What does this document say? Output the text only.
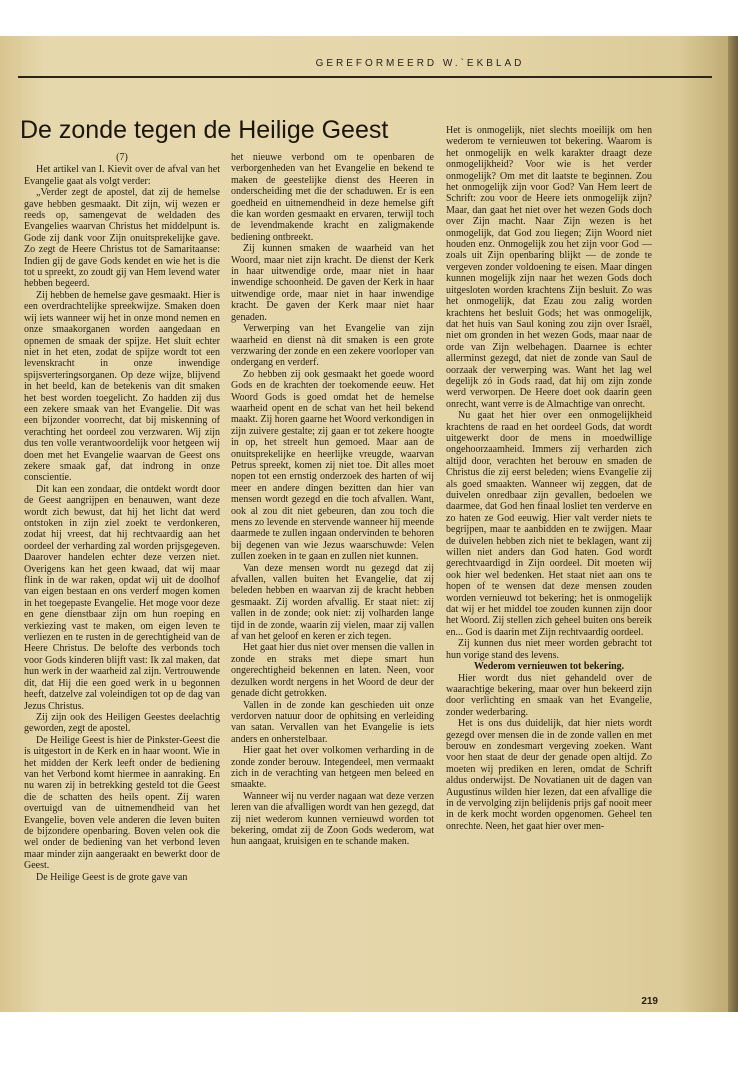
GEREFORMEERD W.`EKBLAD
De zonde tegen de Heilige Geest

(7)

Het artikel van I. Kievit over de afval van het Evangelie gaat als volgt verder:

„Verder zegt de apostel, dat zij de hemelse gave hebben gesmaakt. Dit zijn, wij wezen er reeds op, samengevat de weldaden des Evangelies waarvan Christus het middelpunt is. Gode zij dank voor Zijn onuitsprekelijke gave. Zo zegt de Heere Christus tot de Samaritaanse: Indien gij de gave Gods kendet en wie het is die tot u spreekt, zo zoudt gij van Hem levend water hebben begeerd.

Zij hebben de hemelse gave gesmaakt. Hier is een overdrachtelijke spreekwijze. Smaken doen wij iets wanneer wij het in onze mond nemen en onze smaakorganen worden aangedaan en opnemen de smaak der spijze. Het sluit echter niet in het eten, zodat de spijze wordt tot een levenskracht in onze inwendige spijsverteringsorganen. Op deze wijze, blijvend in het beeld, kan de betekenis van dit smaken het best worden toegelicht. Zo hadden zij dus een zekere smaak van het Evangelie. Dit was een bijzonder voorrecht, dat bij miskenning of verachting het oordeel zou verzwaren. Wij zijn dus ten volle verantwoordelijk voor hetgeen wij doen met het Evangelie waarvan de Geest ons zekere smaak gaf, dat indrong in onze conscientie.

Dit kan een zondaar, die ontdekt wordt door de Geest aangrijpen en benauwen, want deze wordt zich bewust, dat hij het licht dat werd ontstoken in zijn ziel zoekt te verdonkeren, zodat hij vreest, dat hij rechtvaardig aan het oordeel der verharding zal worden prijsgegeven. Daarover handelen echter deze verzen niet. Overigens kan het geen kwaad, dat wij maar flink in de war raken, opdat wij uit de doolhof van eigen bestaan en ons verderf mogen komen in het toegepaste Evangelie. Het moge voor deze en gene dienstbaar zijn om hun roeping en verkiezing vast te maken, om eigen leven te verliezen en te rusten in de gerechtigheid van de Heere Christus. De belofte des verbonds toch voor Gods kinderen blijft vast: Ik zal maken, dat hun werk in der waarheid zal zijn. Vertrouwende dit, dat Hij die een goed werk in u begonnen heeft, datzelve zal voleindigen tot op de dag van Jezus Christus.

Zij zijn ook des Heiligen Geestes deelachtig geworden, zegt de apostel.

De Heilige Geest is hier de Pinkster-Geest die is uitgestort in de Kerk en in haar woont. Wie in het midden der Kerk leeft onder de bediening van het Verbond komt hiermee in aanraking. En nu waren zij in betrekking gesteld tot die Geest die de schatten des heils opent. Zij waren overtuigd van de uitnemendheid van het Evangelie, boven vele anderen die leven buiten de bijzondere openbaring. Boven velen ook die wel onder de bediening van het verbond leven maar minder zijn aangeraakt en bewerkt door de Geest.

De Heilige Geest is de grote gave van

het nieuwe verbond om te openbaren de verborgenheden van het Evangelie en bekend te maken de geestelijke dienst des Heeren in onderscheiding met die der schaduwen. Er is een goedheid en uitnemendheid in deze hemelse gift die kan worden gesmaakt en ervaren, terwijl toch de levendmakende kracht en zaligmakende bediening ontbreekt.

Zij kunnen smaken de waarheid van het Woord, maar niet zijn kracht. De dienst der Kerk in haar uitwendige orde, maar niet in haar inwendige schoonheid. De gaven der Kerk in haar uitwendige orde, maar niet in haar inwendige kracht. De gaven der Kerk maar niet haar genaden.

Verwerping van het Evangelie van zijn waarheid en dienst nà dit smaken is een grote verzwaring der zonde en een zekere voorloper van ondergang en verderf.

Zo hebben zij ook gesmaakt het goede woord Gods en de krachten der toekomende eeuw. Het Woord Gods is goed omdat het de hemelse waarheid opent en de schat van het heil bekend maakt. Zij horen gaarne het Woord verkondigen in zijn zuivere gestalte; zij gaan er tot zekere hoogte in op, het streelt hun gemoed. Maar aan de onuitsprekelijke en heerlijke vreugde, waarvan Petrus spreekt, komen zij niet toe. Dit alles moet nopen tot een ernstig onderzoek des harten of wij meer en andere dingen bezitten dan hier van mensen wordt gezegd en die toch afvallen. Want, ook al zou dit niet gebeuren, dan zou toch die mens zo levende en stervende wanneer hij meende daarmede te zullen ingaan ondervinden te behoren bij degenen van wie Jezus waarschuwde: Velen zullen zoeken in te gaan en zullen niet kunnen.

Van deze mensen wordt nu gezegd dat zij afvallen, vallen buiten het Evangelie, dat zij beleden hebben en waarvan zij de kracht hebben gesmaakt. Zij worden afvallig. Er staat niet: zij vallen in de zonde; ook niet: zij volharden lange tijd in de zonde, waarin zij vielen, maar zij vallen af van het geloof en keren er zich tegen.

Het gaat hier dus niet over mensen die vallen in zonde en straks met diepe smart hun ongerechtigheid bekennen en laten. Neen, voor dezulken wordt nergens in het Woord de deur der genade dicht getrokken.

Vallen in de zonde kan geschieden uit onze verdorven natuur door de ophitsing en verleiding van satan. Vervallen van het Evangelie is iets anders en onherstelbaar.

Hier gaat het over volkomen verharding in de zonde zonder berouw. Integendeel, men vermaakt zich in de verachting van hetgeen men beleed en smaakte.

Wanneer wij nu verder nagaan wat deze verzen leren van die afvalligen wordt van hen gezegd, dat zij niet wederom kunnen vernieuwd worden tot bekering, omdat zij de Zoon Gods wederom, wat hun aangaat, kruisigen en te schande maken.

Het is onmogelijk, niet slechts moeilijk om hen wederom te vernieuwen tot bekering. Waarom is het onmogelijk en welk karakter draagt deze onmogelijkheid? Voor wie is het verder onmogelijk? Om met dit laatste te beginnen. Zou het onmogelijk zijn voor God? Van Hem leert de Schrift: zou voor de Heere iets onmogelijk zijn? Maar, dan gaat het niet over het wezen Gods doch over Zijn macht. Naar Zijn wezen is het onmogelijk, dat God zou liegen; Zijn Woord niet houden enz. Onmogelijk zou het zijn voor God — zoals uit Zijn openbaring blijkt — de zonde te vergeven zonder voldoening te eisen. Maar dingen kunnen mogelijk zijn naar het wezen Gods doch uitgesloten worden krachtens Zijn besluit. Zo was het onmogelijk, dat Ezau zou zalig worden krachtens het besluit Gods; het was onmogelijk, dat het huis van Saul koning zou zijn over Israël, niet om gronden in het wezen Gods, maar naar de orde van Zijn welbehagen. Daarnee is echter allerminst gezegd, dat niet de zonde van Saul de oorzaak der verwerping was. Want het lag wel degelijk zó in Gods raad, dat hij om zijn zonde werd verworpen. De Heere doet ook daarin geen onrecht, want verre is de Almachtige van onrecht.

Nu gaat het hier over een onmogelijkheid krachtens de raad en het oordeel Gods, dat wordt uitgewerkt door de mens in moedwillige ongehoorzaamheid. Immers zij verharden zich altijd door, verachten het berouw en smaden de Christus die zij eerst beleden; wiens Evangelie zij als goed smaakten. Wanneer wij zeggen, dat de duivelen onredbaar zijn gevallen, bedoelen we daarmee, dat God hen finaal losliet ten verderve en zo haten ze God eeuwig. Hier valt verder niets te begrijpen, maar te aanbidden en te zwijgen. Maar de duivelen hebben zich niet te beklagen, want zij willen niet anders dan God haten. God wordt gerechtvaardigd in Zijn oordeel. Dit moeten wij ook hier wel bedenken. Het staat niet aan ons te hopen of te wensen dat deze mensen zouden worden vernieuwd tot bekering; het is onmogelijk dat wij er het middel toe zouden kunnen zijn door het Woord. Zij stellen zich geheel buiten ons bereik en... God is daarin met Zijn rechtvaardig oordeel.

Zij kunnen dus niet meer worden gebracht tot hun vorige stand des levens.

Wederom vernieuwen tot bekering.

Hier wordt dus niet gehandeld over de waarachtige bekering, maar over hun bekeerd zijn door verlichting en smaak van het Evangelie, zonder wederbaring.

Het is ons dus duidelijk, dat hier niets wordt gezegd over mensen die in de zonde vallen en met berouw en zondesmart vergeving zoeken. Want voor hen staat de deur der genade open altijd. Zo moeten wij prediken en leren, omdat de Schrift aldus onderwijst. De Novatianen uit de dagen van Augustinus wilden hier lezen, dat een afvallige die in de vervolging zijn belijdenis prijs gaf nooit meer in de kerk mocht worden opgenomen. Geheel ten onrechte. Neen, het gaat hier over men-

219
